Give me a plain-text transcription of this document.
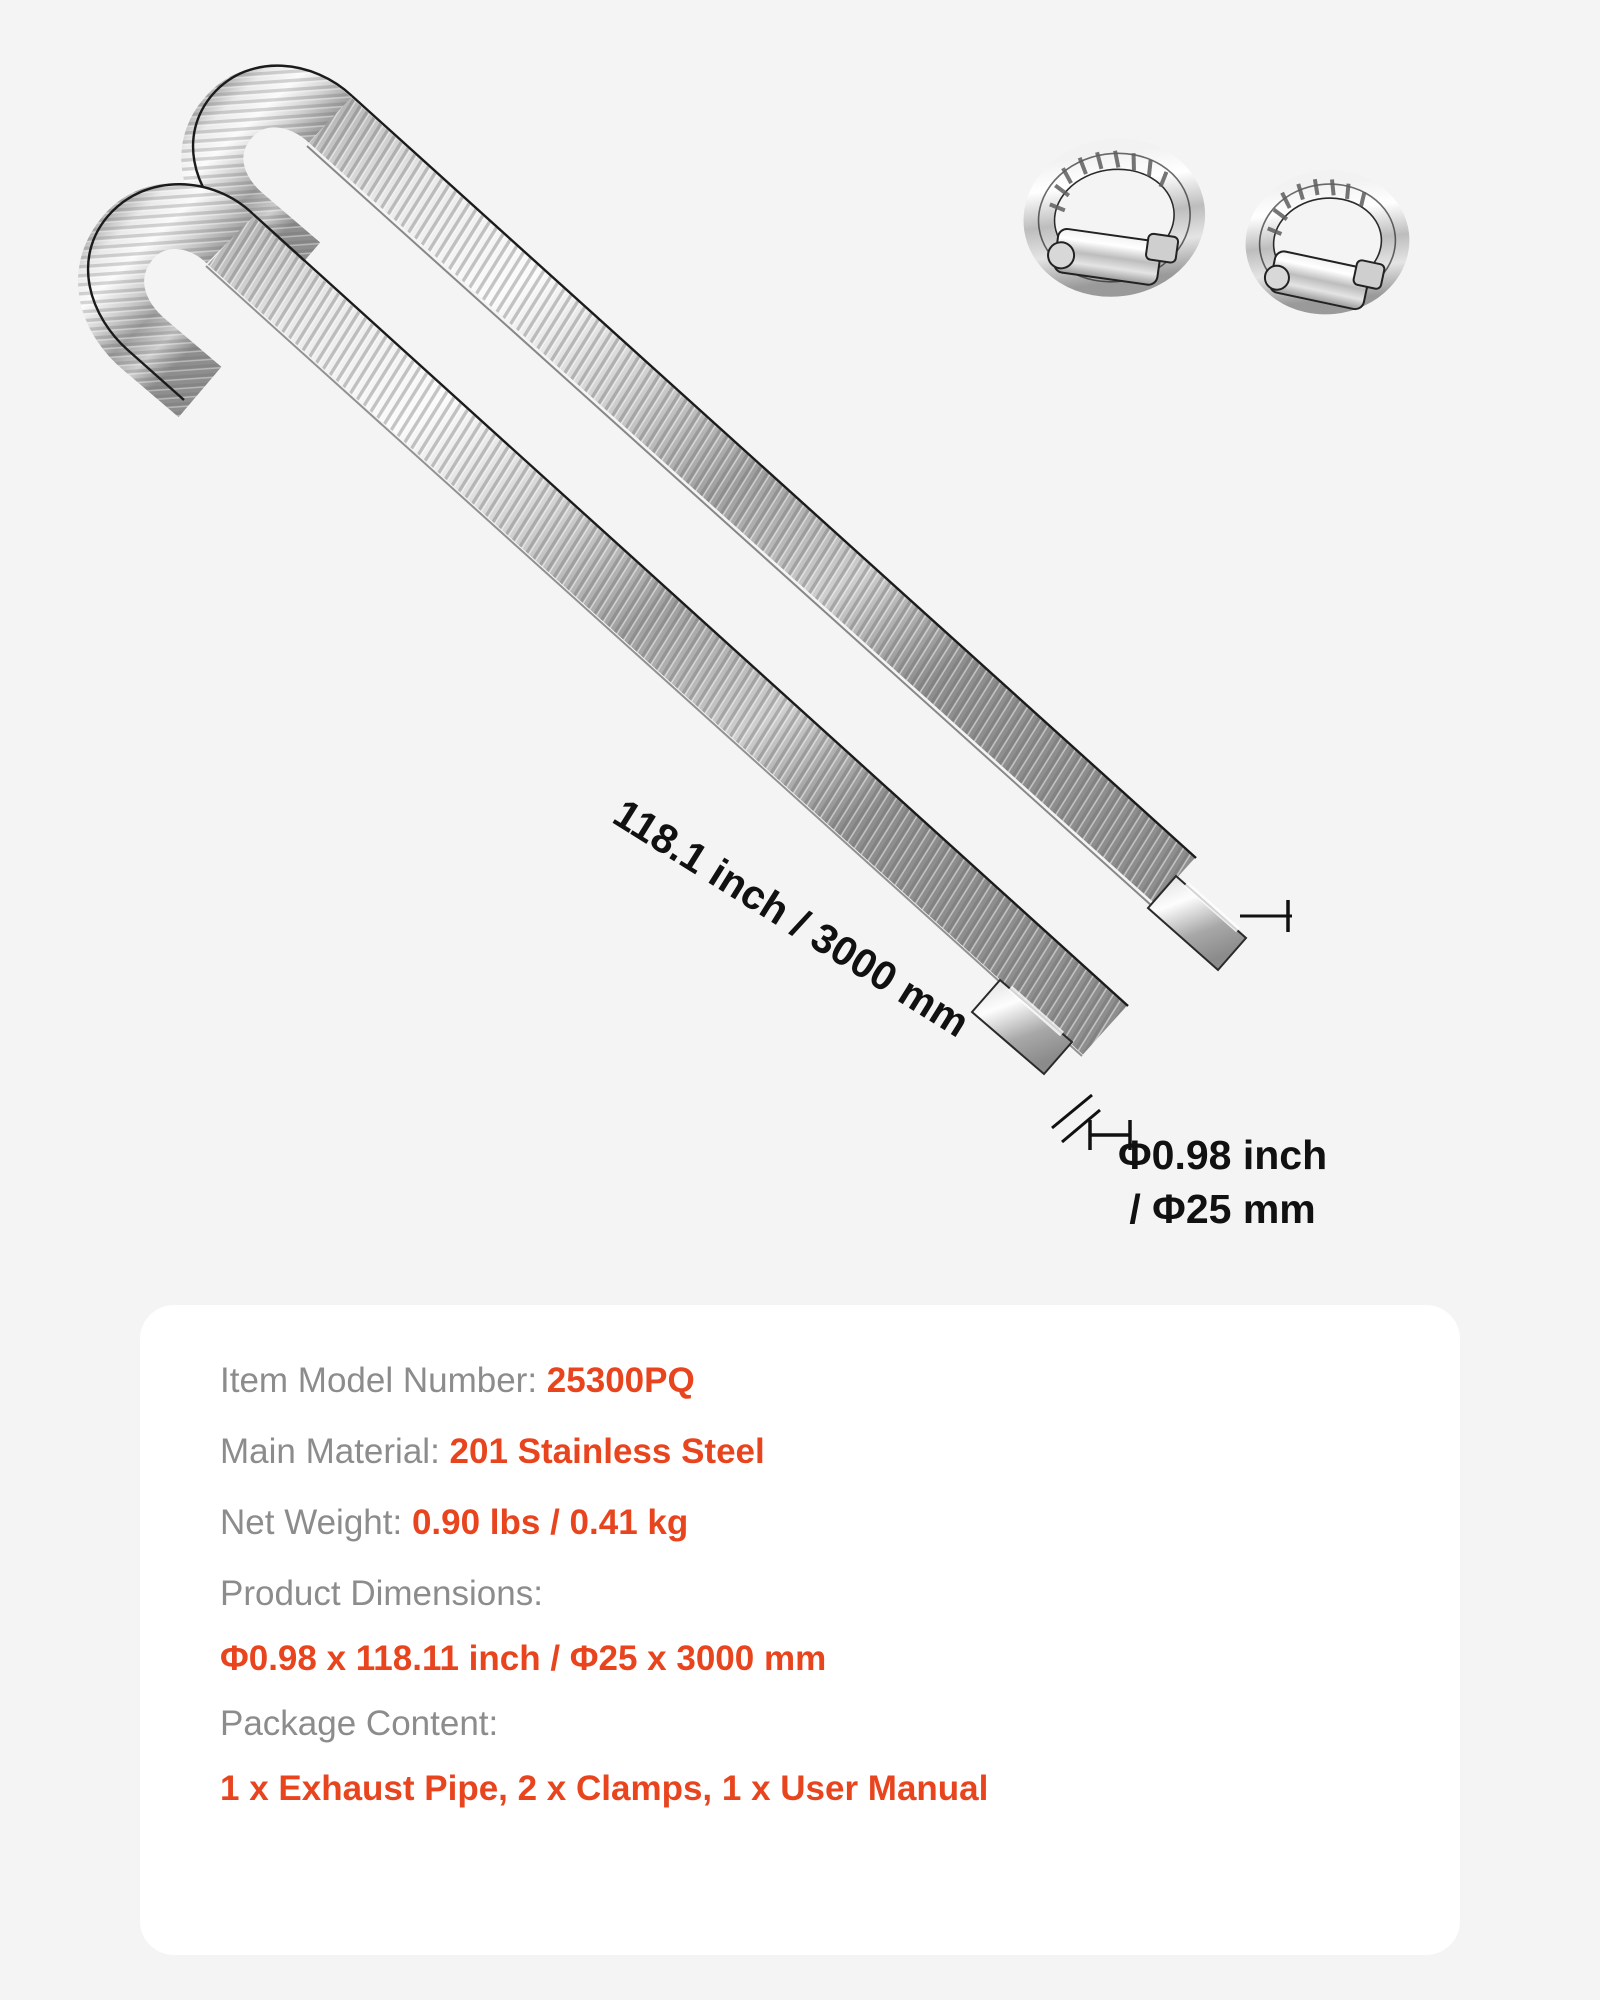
118.1 inch / 3000 mm
Φ0.98 inch
/ Φ25 mm
Item Model Number: 25300PQ
Main Material: 201 Stainless Steel
Net Weight: 0.90 lbs / 0.41 kg
Product Dimensions:
Φ0.98 x 118.11 inch / Φ25 x 3000 mm
Package Content:
1 x Exhaust Pipe, 2 x Clamps, 1 x User Manual
